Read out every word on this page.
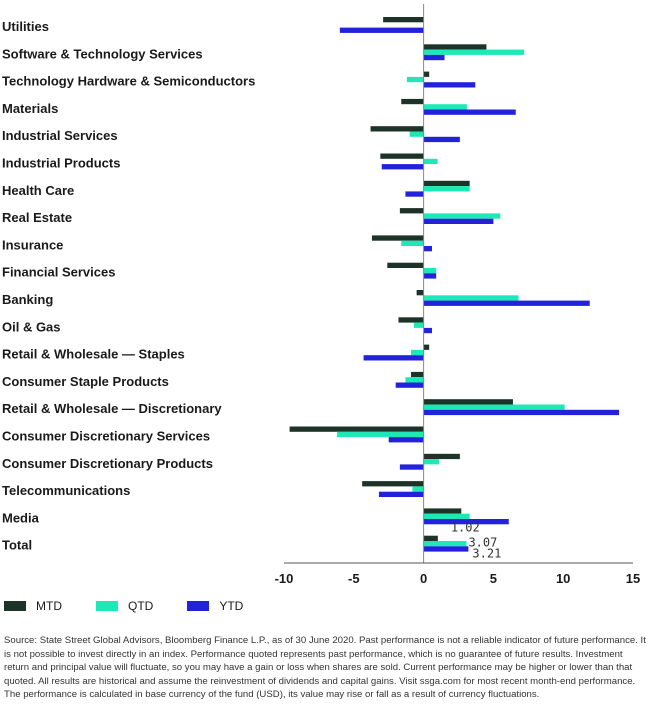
Utilities
Software & Technology Services
Technology Hardware & Semiconductors
Materials
Industrial Services
Industrial Products
Health Care
Real Estate
Insurance
Financial Services
Banking
Oil & Gas
Retail & Wholesale — Staples
Consumer Staple Products
Retail & Wholesale — Discretionary
Consumer Discretionary Services
Consumer Discretionary Products
Telecommunications
Media
Total
-10	-5	0	5	10	15
1.02
3.07
3.21
MTD	QTD	YTD
Source: State Street Global Advisors, Bloomberg Finance L.P., as of 30 June 2020. Past performance is not a reliable indicator of future performance. It is not possible to invest directly in an index. Performance quoted represents past performance, which is no guarantee of future results. Investment return and principal value will fluctuate, so you may have a gain or loss when shares are sold. Current performance may be higher or lower than that quoted. All results are historical and assume the reinvestment of dividends and capital gains. Visit ssga.com for most recent month-end performance. The performance is calculated in base currency of the fund (USD), its value may rise or fall as a result of currency fluctuations.
